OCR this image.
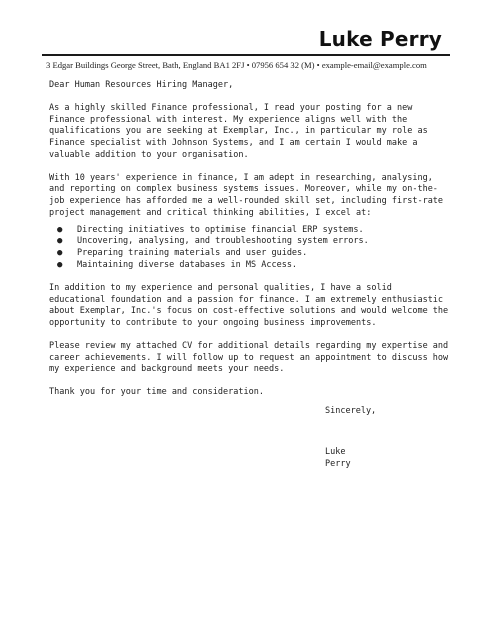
Luke Perry
3 Edgar Buildings George Street, Bath, England BA1 2FJ • 07956 654 32 (M) • example-email@example.com

Dear Human Resources Hiring Manager,

As a highly skilled Finance professional, I read your posting for a new Finance professional with interest. My experience aligns well with the qualifications you are seeking at Exemplar, Inc., in particular my role as Finance specialist with Johnson Systems, and I am certain I would make a valuable addition to your organisation.

With 10 years' experience in finance, I am adept in researching, analysing, and reporting on complex business systems issues. Moreover, while my on-the-job experience has afforded me a well-rounded skill set, including first-rate project management and critical thinking abilities, I excel at:

● Directing initiatives to optimise financial ERP systems.
● Uncovering, analysing, and troubleshooting system errors.
● Preparing training materials and user guides.
● Maintaining diverse databases in MS Access.

In addition to my experience and personal qualities, I have a solid educational foundation and a passion for finance. I am extremely enthusiastic about Exemplar, Inc.'s focus on cost-effective solutions and would welcome the opportunity to contribute to your ongoing business improvements.

Please review my attached CV for additional details regarding my expertise and career achievements. I will follow up to request an appointment to discuss how my experience and background meets your needs.

Thank you for your time and consideration.

Sincerely,
Luke
Perry
